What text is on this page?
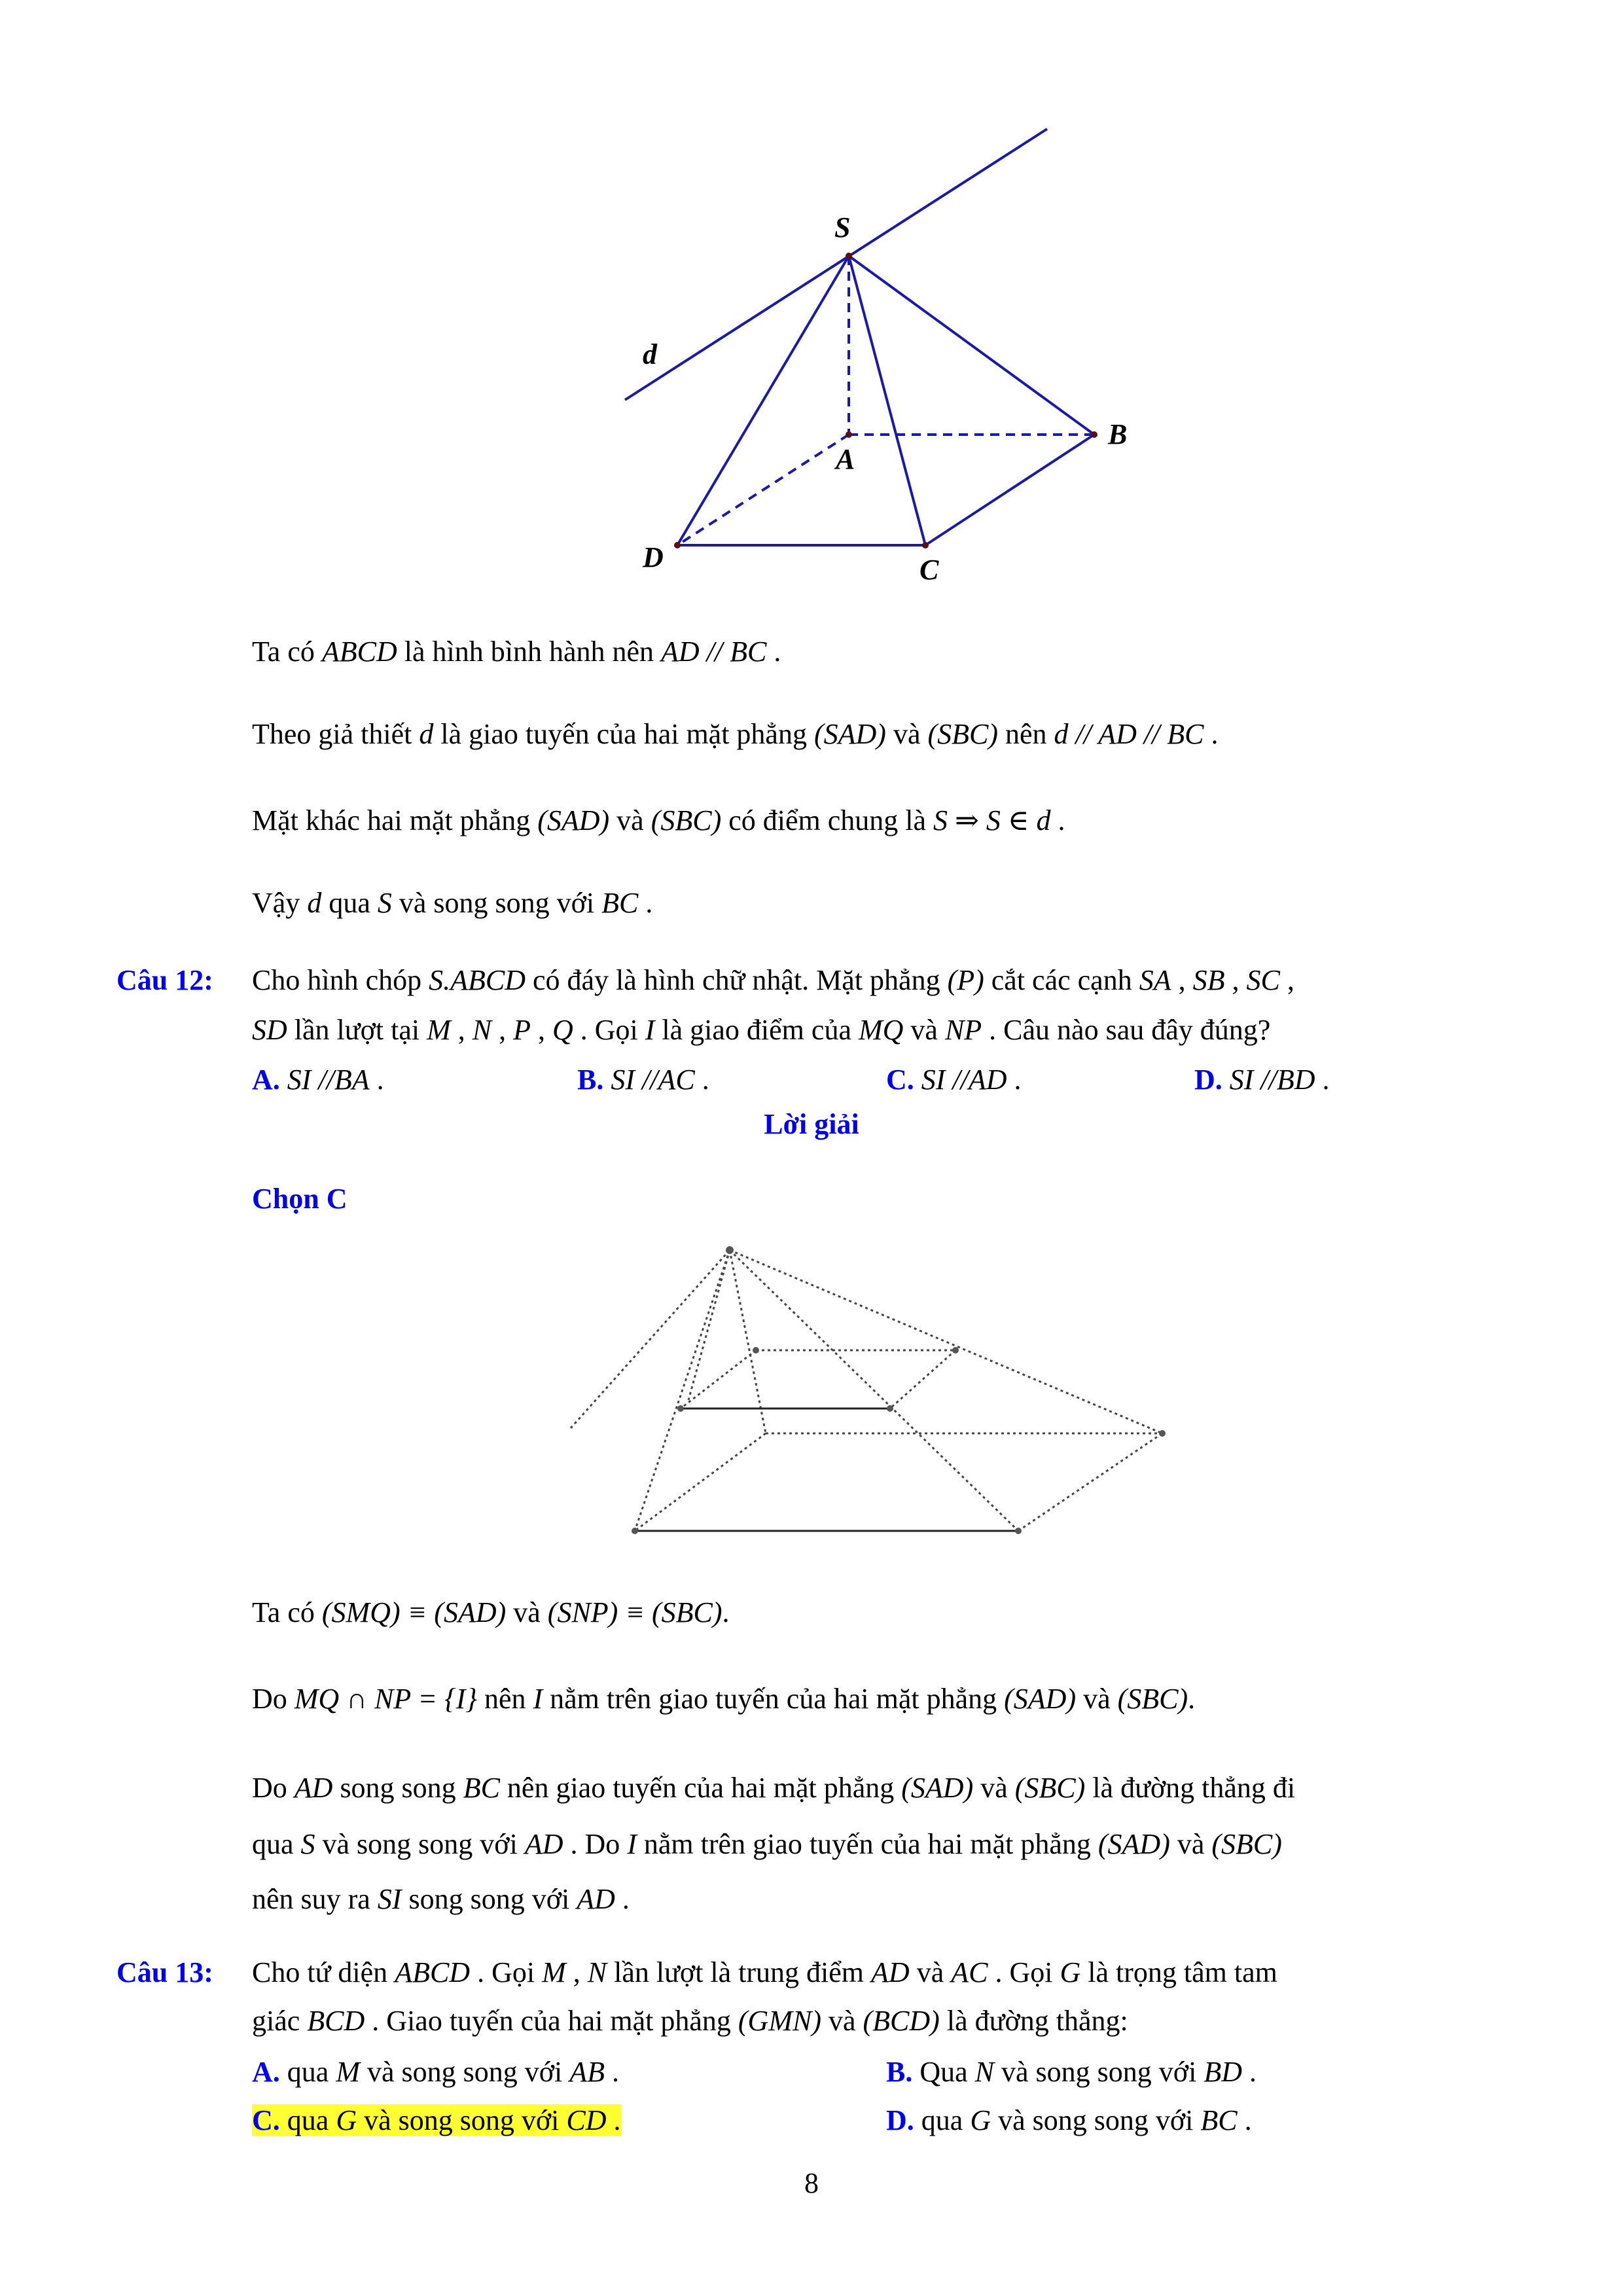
S
d
A
B
D	C
Ta có ABCD là hình bình hành nên AD // BC .
Theo giả thiết d là giao tuyến của hai mặt phẳng (SAD) và (SBC) nên d // AD // BC .
Mặt khác hai mặt phẳng (SAD) và (SBC) có điểm chung là S ⇒ S ∈ d .
Vậy d qua S và song song với BC .
Câu 12: Cho hình chóp S.ABCD có đáy là hình chữ nhật. Mặt phẳng (P) cắt các cạnh SA , SB , SC ,
SD lần lượt tại M , N , P , Q . Gọi I là giao điểm của MQ và NP . Câu nào sau đây đúng?
A. SI //BA .	B. SI //AC .	C. SI //AD .	D. SI //BD .
Lời giải
Chọn C
Ta có (SMQ) ≡ (SAD) và (SNP) ≡ (SBC).
Do MQ ∩ NP = {I} nên I nằm trên giao tuyến của hai mặt phẳng (SAD) và (SBC).
Do AD song song BC nên giao tuyến của hai mặt phẳng (SAD) và (SBC) là đường thẳng đi
qua S và song song với AD . Do I nằm trên giao tuyến của hai mặt phẳng (SAD) và (SBC)
nên suy ra SI song song với AD .
Câu 13: Cho tứ diện ABCD . Gọi M , N lần lượt là trung điểm AD và AC . Gọi G là trọng tâm tam
giác BCD . Giao tuyến của hai mặt phẳng (GMN) và (BCD) là đường thẳng:
A. qua M và song song với AB .	B. Qua N và song song với BD .
C. qua G và song song với CD .	D. qua G và song song với BC .
8
